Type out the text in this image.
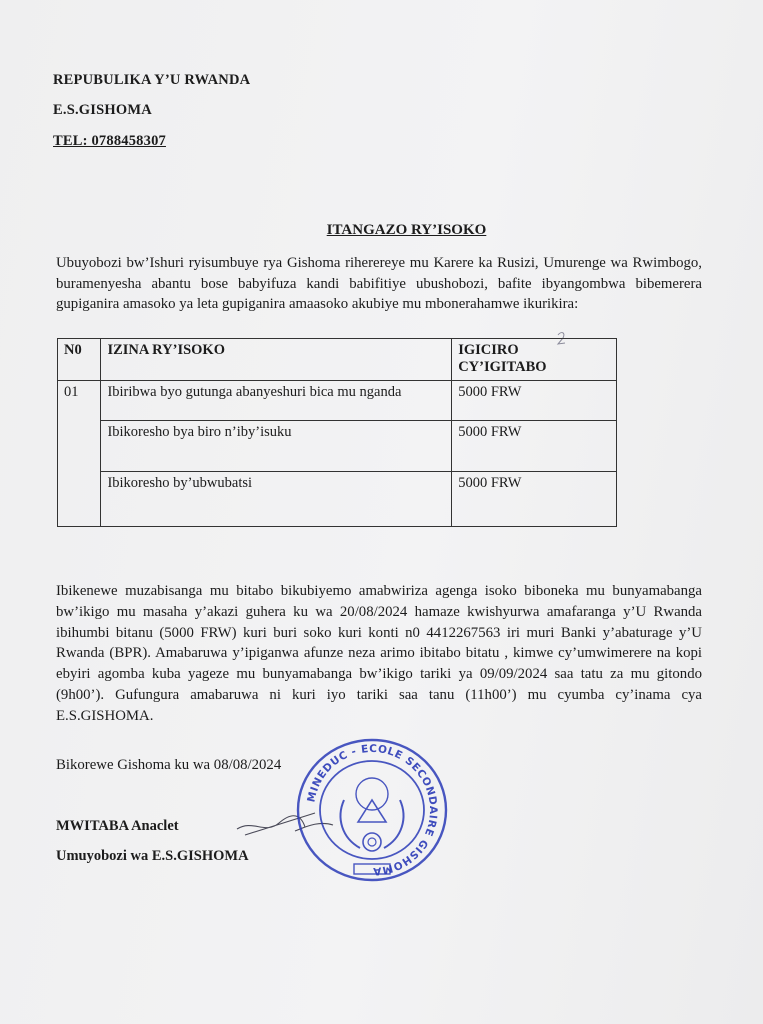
REPUBULIKA Y’U RWANDA
E.S.GISHOMA
TEL: 0788458307
ITANGAZO RY’ISOKO
Ubuyobozi bw’Ishuri ryisumbuye rya Gishoma riherereye mu Karere ka Rusizi, Umurenge wa Rwimbogo, buramenyesha abantu bose babyifuza kandi babifitiye ubushobozi, bafite ibyangombwa bibemerera gupiganira amasoko ya leta gupiganira amaasoko akubiye mu mbonerahamwe ikurikira:
N0	IZINA RY’ISOKO	IGICIRO CY’IGITABO
01	Ibiribwa byo gutunga abanyeshuri bica mu nganda	5000 FRW
	Ibikoresho bya biro n’iby’isuku	5000 FRW
	Ibikoresho by’ubwubatsi	5000 FRW
Ibikenewe muzabisanga mu bitabo bikubiyemo amabwiriza agenga isoko biboneka mu bunyamabanga bw’ikigo mu masaha y’akazi guhera ku wa 20/08/2024 hamaze kwishyurwa amafaranga y’U Rwanda ibihumbi bitanu (5000 FRW) kuri buri soko kuri konti n0 4412267563 iri muri Banki y’abaturage y’U Rwanda (BPR). Amabaruwa y’ipiganwa afunze neza arimo ibitabo bitatu , kimwe cy’umwimerere na kopi ebyiri agomba kuba yageze mu bunyamabanga bw’ikigo tariki ya 09/09/2024 saa tatu za mu gitondo (9h00’). Gufungura amabaruwa ni kuri iyo tariki saa tanu (11h00’) mu cyumba cy’inama cya E.S.GISHOMA.
Bikorewe Gishoma ku wa 08/08/2024
MWITABA Anaclet
Umuyobozi wa E.S.GISHOMA
MINEDUC - ECOLE SECONDAIRE GISHOMA
